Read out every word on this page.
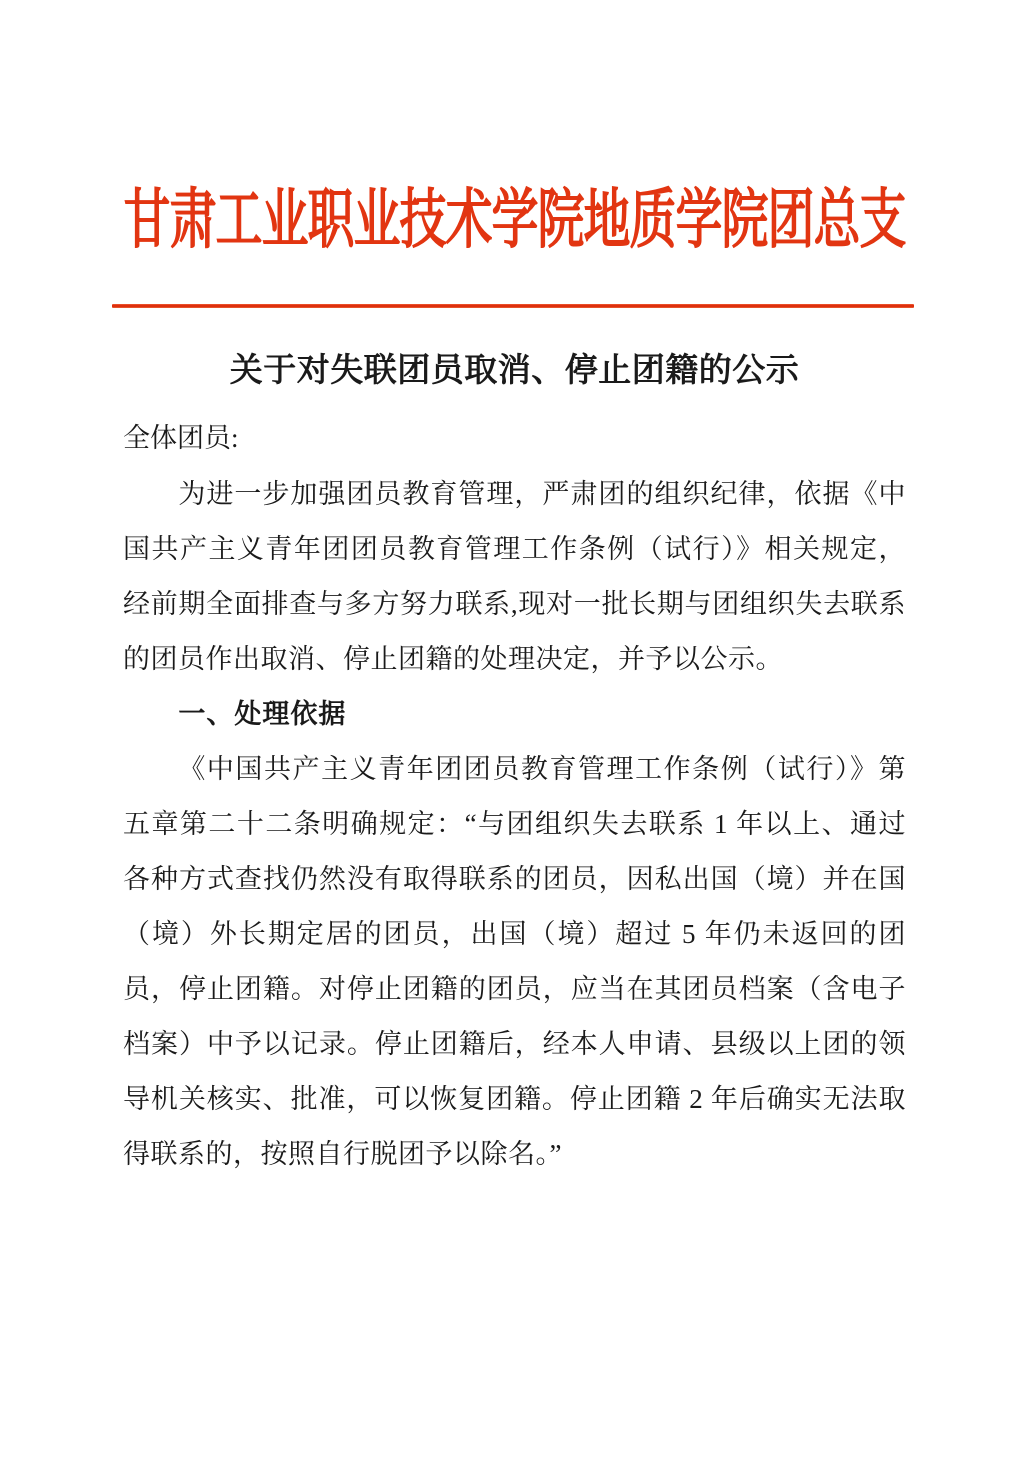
甘肃工业职业技术学院地质学院团总支
关于对失联团员取消、停止团籍的公示

全体团员:

为进一步加强团员教育管理，严肃团的组织纪律，依据《中国共产主义青年团团员教育管理工作条例（试行）》相关规定，经前期全面排查与多方努力联系,现对一批长期与团组织失去联系的团员作出取消、停止团籍的处理决定，并予以公示。

一、处理依据

《中国共产主义青年团团员教育管理工作条例（试行）》第五章第二十二条明确规定：“与团组织失去联系 1 年以上、通过各种方式查找仍然没有取得联系的团员，因私出国（境）并在国（境）外长期定居的团员，出国（境）超过 5 年仍未返回的团员，停止团籍。对停止团籍的团员，应当在其团员档案（含电子档案）中予以记录。停止团籍后，经本人申请、县级以上团的领导机关核实、批准，可以恢复团籍。停止团籍 2 年后确实无法取得联系的，按照自行脱团予以除名。”
